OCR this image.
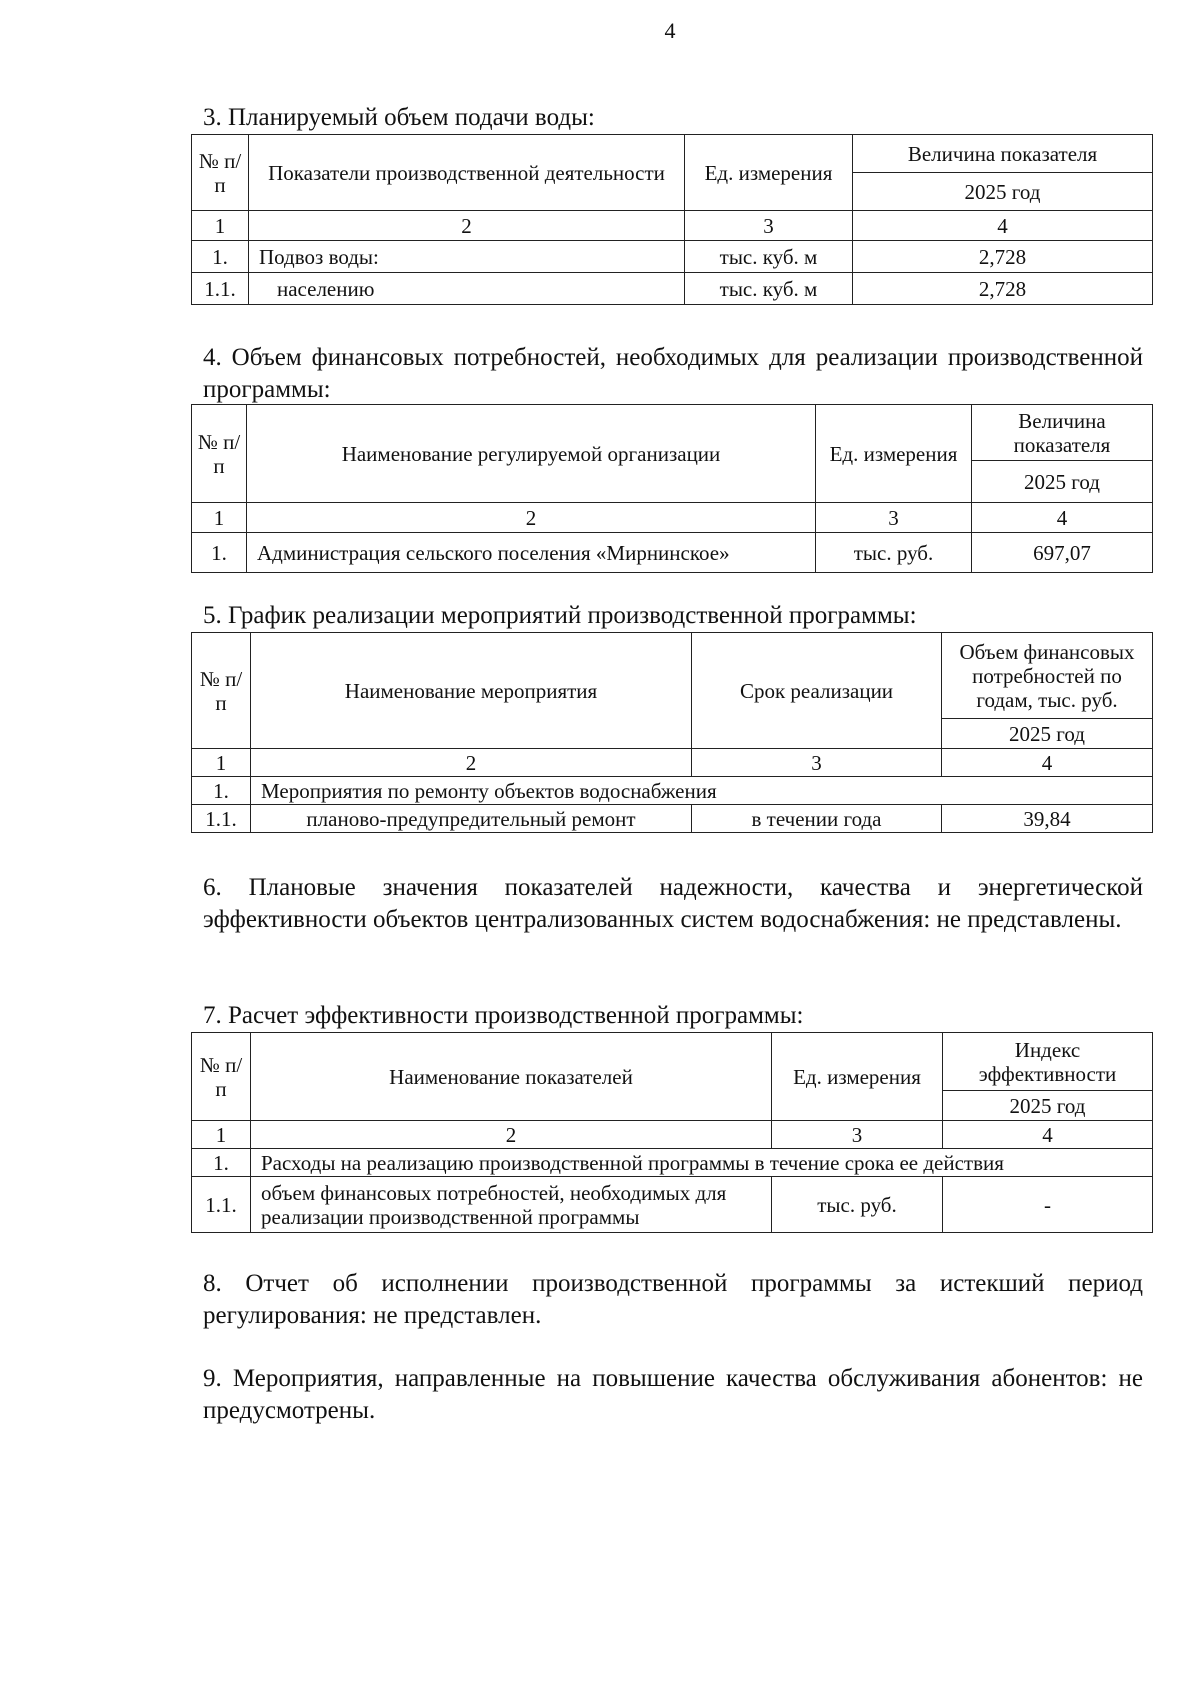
4

3. Планируемый объем подачи воды:

№ п/п	Показатели производственной деятельности	Ед. измерения	Величина показателя
			2025 год
1	2	3	4
1.	Подвоз воды:	тыс. куб. м	2,728
1.1.	населению	тыс. куб. м	2,728

4. Объем финансовых потребностей, необходимых для реализации производственной программы:

№ п/п	Наименование регулируемой организации	Ед. измерения	Величина показателя
			2025 год
1	2	3	4
1.	Администрация сельского поселения «Мирнинское»	тыс. руб.	697,07

5. График реализации мероприятий производственной программы:

№ п/п	Наименование мероприятия	Срок реализации	Объем финансовых потребностей по годам, тыс. руб.
			2025 год
1	2	3	4
1.	Мероприятия по ремонту объектов водоснабжения		
1.1.	планово-предупредительный ремонт	в течении года	39,84

6. Плановые значения показателей надежности, качества и энергетической эффективности объектов централизованных систем водоснабжения: не представлены.

7. Расчет эффективности производственной программы:

№ п/п	Наименование показателей	Ед. измерения	Индекс эффективности
			2025 год
1	2	3	4
1.	Расходы на реализацию производственной программы в течение срока ее действия		
1.1.	объем финансовых потребностей, необходимых для реализации производственной программы	тыс. руб.	-

8. Отчет об исполнении производственной программы за истекший период регулирования: не представлен.

9. Мероприятия, направленные на повышение качества обслуживания абонентов: не предусмотрены.
